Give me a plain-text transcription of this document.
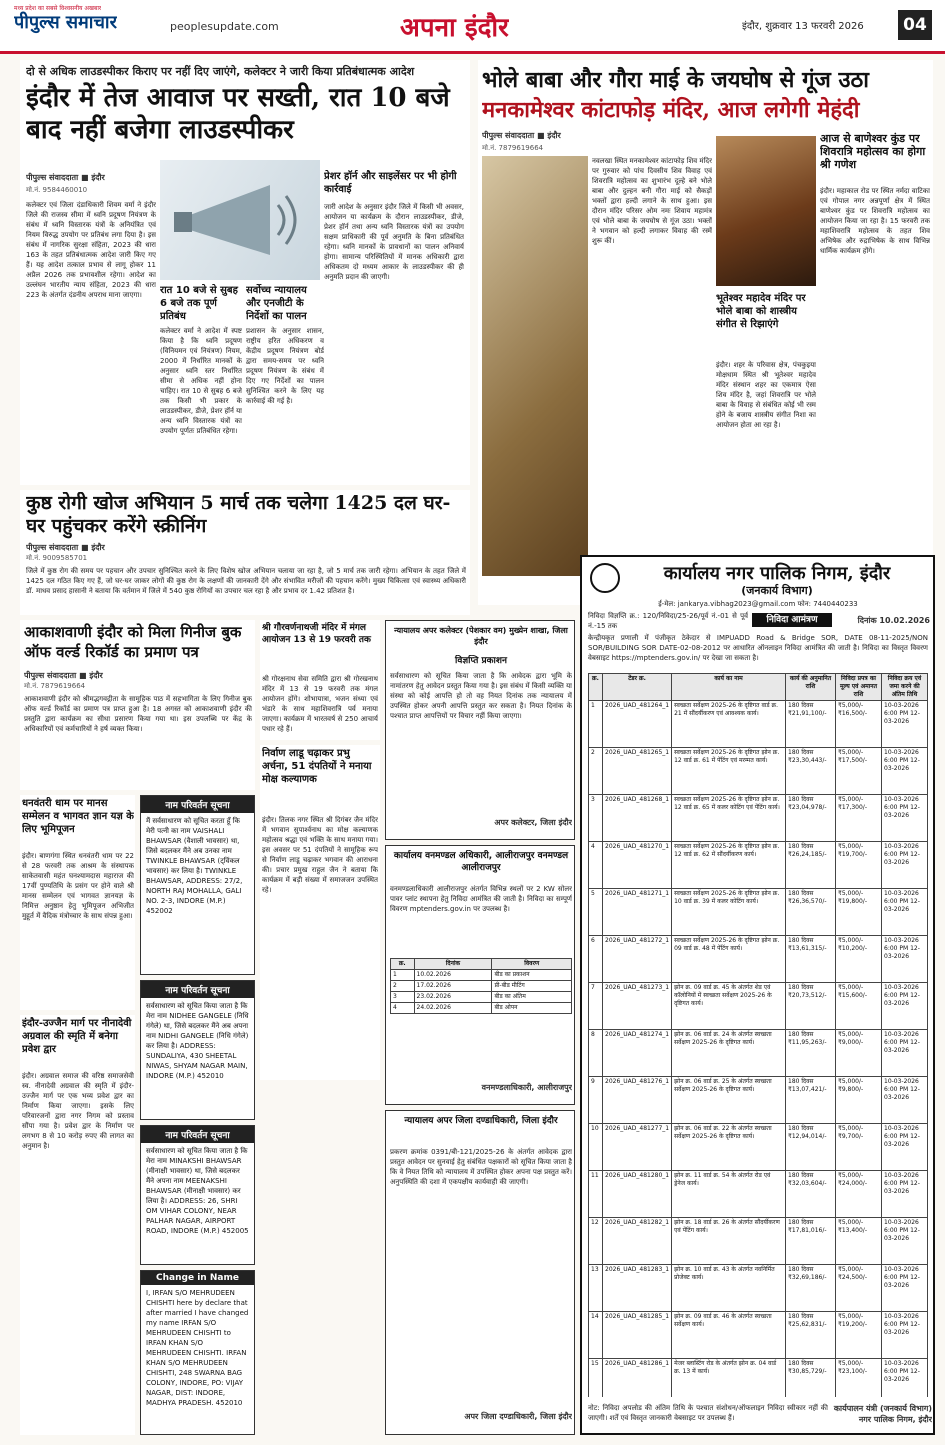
मध्य प्रदेश का सबसे विश्वसनीय अखबार
पीपुल्स समाचार	peoplesupdate.com	अपना इंदौर	इंदौर, शुक्रवार 13 फरवरी 2026	04
दो से अधिक लाउडस्पीकर किराए पर नहीं दिए जाएंगे, कलेक्टर ने जारी किया प्रतिबंधात्मक आदेश
इंदौर में तेज आवाज पर सख्ती, रात 10 बजे बाद नहीं बजेगा लाउडस्पीकर
पीपुल्स संवाददाता ■ इंदौर
मो.नं. 9584460010
कलेक्टर एवं जिला दंडाधिकारी शिवम वर्मा ने इंदौर जिले की राजस्व सीमा में ध्वनि प्रदूषण नियंत्रण के संबंध में ध्वनि विस्तारक यंत्रों के अनियंत्रित एवं नियम विरुद्ध उपयोग पर प्रतिबंध लगा दिया है। इस संबंध में नागरिक सुरक्षा संहिता, 2023 की धारा 163 के तहत प्रतिबंधात्मक आदेश जारी किए गए हैं। यह आदेश तत्काल प्रभाव से लागू होकर 11 अप्रैल 2026 तक प्रभावशील रहेगा। आदेश का उल्लंघन भारतीय न्याय संहिता, 2023 की धारा 223 के अंतर्गत दंडनीय अपराध माना जाएगा।
प्रेशर हॉर्न और साइलेंसर पर भी होगी कार्रवाई
जारी आदेश के अनुसार इंदौर जिले में किसी भी अवसर, आयोजन या कार्यक्रम के दौरान लाउडस्पीकर, डीजे, प्रेशर हॉर्न तथा अन्य ध्वनि विस्तारक यंत्रों का उपयोग सक्षम प्राधिकारी की पूर्व अनुमति के बिना प्रतिबंधित रहेगा। ध्वनि मानकों के प्रावधानों का पालन अनिवार्य होगा। सामान्य परिस्थितियों में मानक अधिकारी द्वारा अधिकतम दो मध्यम आकार के लाउडस्पीकर की ही अनुमति प्रदान की जाएगी।
रात 10 बजे से सुबह 6 बजे तक पूर्ण प्रतिबंध
कलेक्टर वर्मा ने आदेश में स्पष्ट किया है कि ध्वनि प्रदूषण (विनियमन एवं नियंत्रण) नियम, 2000 में निर्धारित मानकों के अनुसार ध्वनि स्तर निर्धारित सीमा से अधिक नहीं होना चाहिए। रात 10 से सुबह 6 बजे तक किसी भी प्रकार के लाउडस्पीकर, डीजे, प्रेशर हॉर्न या अन्य ध्वनि विस्तारक यंत्रों का उपयोग पूर्णतः प्रतिबंधित रहेगा।
सर्वोच्च न्यायालय और एनजीटी के निर्देशों का पालन
प्रशासन के अनुसार शासन, राष्ट्रीय हरित अधिकरण व केंद्रीय प्रदूषण नियंत्रण बोर्ड द्वारा समय-समय पर ध्वनि प्रदूषण नियंत्रण के संबंध में दिए गए निर्देशों का पालन सुनिश्चित करने के लिए यह कार्रवाई की गई है।
भोले बाबा और गौरा माई के जयघोष से गूंज उठा
मनकामेश्वर कांटाफोड़ मंदिर, आज लगेगी मेहंदी
पीपुल्स संवाददाता ■ इंदौर
मो.नं. 7879619664
नवलखा स्थित मनकामेश्वर कांटाफोड़ शिव मंदिर पर गुरुवार को पांच दिवसीय शिव विवाह एवं शिवरात्रि महोत्सव का शुभारंभ दूल्हे बने भोले बाबा और दुल्हन बनी गौरा माई को सैकड़ों भक्तों द्वारा हल्दी लगाने के साथ हुआ। इस दौरान मंदिर परिसर ओम नमः शिवाय महामंत्र एवं भोले बाबा के जयघोष से गूंज उठा। भक्तों ने भगवान को हल्दी लगाकर विवाह की रस्में शुरू कीं।
आज से बाणेश्वर कुंड पर शिवरात्रि महोत्सव का होगा श्री गणेश
इंदौर। महाकाल रोड पर स्थित नर्मदा वाटिका एवं गोपाल नगर अन्नपूर्णा क्षेत्र में स्थित बाणेश्वर कुंड पर शिवरात्रि महोत्सव का आयोजन किया जा रहा है। 15 फरवरी तक महाशिवरात्रि महोत्सव के तहत शिव अभिषेक और रुद्राभिषेक के साथ विभिन्न धार्मिक कार्यक्रम होंगे।
भूतेश्वर महादेव मंदिर पर भोले बाबा को शास्त्रीय संगीत से रिझाएंगे
इंदौर। शहर के परिवास क्षेत्र, पंचकुइया मोक्षधाम स्थित श्री भूतेश्वर महादेव मंदिर संस्थान शहर का एकमात्र ऐसा शिव मंदिर है, जहां शिवरात्रि पर भोले बाबा के विवाह से संबंधित कोई भी रस्म होने के बजाय शास्त्रीय संगीत निशा का आयोजन होता आ रहा है।
कुष्ठ रोगी खोज अभियान 5 मार्च तक चलेगा 1425 दल घर-घर पहुंचकर करेंगे स्क्रीनिंग
पीपुल्स संवाददाता ■ इंदौर
मो.नं. 9009585701
जिले में कुष्ठ रोग की समय पर पहचान और उपचार सुनिश्चित करने के लिए विशेष खोज अभियान चलाया जा रहा है, जो 5 मार्च तक जारी रहेगा। अभियान के तहत जिले में 1425 दल गठित किए गए हैं, जो घर-घर जाकर लोगों की कुष्ठ रोग के लक्षणों की जानकारी देंगे और संभावित मरीजों की पहचान करेंगे। मुख्य चिकित्सा एवं स्वास्थ्य अधिकारी डॉ. माधव प्रसाद हासानी ने बताया कि वर्तमान में जिले में 540 कुष्ठ रोगियों का उपचार चल रहा है और प्रभाव दर 1.42 प्रतिशत है।
आकाशवाणी इंदौर को मिला गिनीज बुक ऑफ वर्ल्ड रिकॉर्ड का प्रमाण पत्र
पीपुल्स संवाददाता ■ इंदौर
मो.नं. 7879619664
आकाशवाणी इंदौर को श्रीमद्भगवद्गीता के सामूहिक पाठ में सहभागिता के लिए गिनीज बुक ऑफ वर्ल्ड रिकॉर्ड का प्रमाण पत्र प्राप्त हुआ है। 18 अगस्त को आकाशवाणी इंदौर की प्रस्तुति द्वारा कार्यक्रम का सीधा प्रसारण किया गया था। इस उपलब्धि पर केंद्र के अधिकारियों एवं कर्मचारियों ने हर्ष व्यक्त किया।
धनवंतरी धाम पर मानस सम्मेलन व भागवत ज्ञान यज्ञ के लिए भूमिपूजन
इंदौर। बाणगंगा स्थित धनवंतरी धाम पर 22 से 28 फरवरी तक आश्रम के संस्थापक साकेतवासी महंत घनश्यामदास महाराज की 17वीं पुण्यतिथि के प्रसंग पर होने वाले श्री मानस सम्मेलन एवं भागवत ज्ञानयज्ञ के निमित्त अनुष्ठान हेतु भूमिपूजन अभिजीत मुहूर्त में वैदिक मंत्रोच्चार के साथ संपन्न हुआ।
इंदौर-उज्जैन मार्ग पर नीनादेवी अग्रवाल की स्मृति में बनेगा प्रवेश द्वार
इंदौर। अग्रवाल समाज की वरिष्ठ समाजसेवी स्व. नीनादेवी अग्रवाल की स्मृति में इंदौर-उज्जैन मार्ग पर एक भव्य प्रवेश द्वार का निर्माण किया जाएगा। इसके लिए परिवारजनों द्वारा नगर निगम को प्रस्ताव सौंपा गया है। प्रवेश द्वार के निर्माण पर लगभग 8 से 10 करोड़ रुपए की लागत का अनुमान है।
नाम परिवर्तन सूचना
मैं सर्वसाधारण को सूचित करता हूँ कि मेरी पत्नी का नाम VAISHALI BHAWSAR (वैशाली भावसार) था, जिसे बदलकर मैंने अब उनका नाम TWINKLE BHAWSAR (ट्विंकल भावसार) कर लिया है। TWINKLE BHAWSAR, ADDRESS: 27/2, NORTH RAJ MOHALLA, GALI NO. 2-3, INDORE (M.P.) 452002
नाम परिवर्तन सूचना
सर्वसाधारण को सूचित किया जाता है कि मेरा नाम NIDHEE GANGELE (निधि गंगेले) था, जिसे बदलकर मैंने अब अपना नाम NIDHI GANGELE (निधि गंगेले) कर लिया है। ADDRESS: SUNDALIYA, 430 SHEETAL NIWAS, SHYAM NAGAR MAIN, INDORE (M.P.) 452010
नाम परिवर्तन सूचना
सर्वसाधारण को सूचित किया जाता है कि मेरा नाम MINAKSHI BHAWSAR (मीनाक्षी भावसार) था, जिसे बदलकर मैंने अपना नाम MEENAKSHI BHAWSAR (मीनाक्षी भावसार) कर लिया है। ADDRESS: 26, SHRI OM VIHAR COLONY, NEAR PALHAR NAGAR, AIRPORT ROAD, INDORE (M.P.) 452005
Change in Name
I, IRFAN S/O MEHRUDEEN CHISHTI here by declare that after married I have changed my name IRFAN S/O MEHRUDEEN CHISHTI to IRFAN KHAN S/O MEHRUDEEN CHISHTI. IRFAN KHAN S/O MEHRUDEEN CHISHTI, 248 SWARNA BAG COLONY, INDORE, PO: VIJAY NAGAR, DIST: INDORE, MADHYA PRADESH. 452010
श्री गौरवर्णनाथजी मंदिर में मंगल आयोजन 13 से 19 फरवरी तक
श्री गोरक्षनाथ सेवा समिति द्वारा श्री गोरखनाथ मंदिर में 13 से 19 फरवरी तक मंगल आयोजन होंगे। शोभायात्रा, भजन संध्या एवं भंडारे के साथ महाशिवरात्रि पर्व मनाया जाएगा। कार्यक्रम में भारतवर्ष से 250 आचार्य पधार रहे हैं।
निर्वाण लाडू चढ़ाकर प्रभु अर्चना, 51 दंपतियों ने मनाया मोक्ष कल्याणक
इंदौर। तिलक नगर स्थित श्री दिगंबर जैन मंदिर में भगवान सुपार्श्वनाथ का मोक्ष कल्याणक महोत्सव श्रद्धा एवं भक्ति के साथ मनाया गया। इस अवसर पर 51 दंपतियों ने सामूहिक रूप से निर्वाण लाडू चढ़ाकर भगवान की आराधना की। प्रचार प्रमुख राहुल जैन ने बताया कि कार्यक्रम में बड़ी संख्या में समाजजन उपस्थित रहे।
न्यायालय अपर कलेक्टर (पेशकार वम) मुख्येन शाखा, जिला इंदौर
विज्ञप्ति प्रकाशन
सर्वसाधारण को सूचित किया जाता है कि आवेदक द्वारा भूमि के नामांतरण हेतु आवेदन प्रस्तुत किया गया है। इस संबंध में किसी व्यक्ति या संस्था को कोई आपत्ति हो तो वह नियत दिनांक तक न्यायालय में उपस्थित होकर अपनी आपत्ति प्रस्तुत कर सकता है। नियत दिनांक के पश्चात प्राप्त आपत्तियों पर विचार नहीं किया जाएगा।
अपर कलेक्टर, जिला इंदौर
कार्यालय वनमण्डल अधिकारी, आलीराजपुर वनमण्डल आलीराजपुर
वनमण्डलाधिकारी आलीराजपुर अंतर्गत विभिन्न स्थलों पर 2 KW सोलर पावर प्लांट स्थापना हेतु निविदा आमंत्रित की जाती है। निविदा का सम्पूर्ण विवरण mptenders.gov.in पर उपलब्ध है।
क्र.	दिनांक	विवरण
1	10.02.2026	बीड का प्रकाशन
2	17.02.2026	प्री-बीड मीटिंग
3	23.02.2026	बीड का अंतिम
4	24.02.2026	बीड ओपन
वनमण्डलाधिकारी, आलीराजपुर
न्यायालय अपर जिला दण्डाधिकारी, जिला इंदौर
प्रकरण क्रमांक 0391/बी-121/2025-26 के अंतर्गत आवेदक द्वारा प्रस्तुत आवेदन पर सुनवाई हेतु संबंधित पक्षकारों को सूचित किया जाता है कि वे नियत तिथि को न्यायालय में उपस्थित होकर अपना पक्ष प्रस्तुत करें। अनुपस्थिति की दशा में एकपक्षीय कार्यवाही की जाएगी।
अपर जिला दण्डाधिकारी, जिला इंदौर
कार्यालय नगर पालिक निगम, इंदौर
(जनकार्य विभाग)
ई-मेल: jankarya.vibhag2023@gmail.com फोन: 7440440233
निविदा विज्ञप्ति क्र.: 120/निविदा/25-26/पूर्व नं.-01 से पूर्व नं.-15 तक
निविदा आमंत्रण	दिनांक 10.02.2026
केन्द्रीयकृत प्रणाली में पंजीकृत ठेकेदार से IMPUADD Road & Bridge SOR, DATE 08-11-2025/NON SOR/BUILDING SOR DATE-02-08-2012 पर आधारित ऑनलाइन निविदा आमंत्रित की जाती है। निविदा का विस्तृत विवरण वेबसाइट https://mptenders.gov.in/ पर देखा जा सकता है।
क्र.	टेंडर क्र.	कार्य का नाम	कार्य की अनुमानित राशि	निविदा प्रपत्र का मूल्य एवं अमानत राशि	निविदा क्रय एवं जमा करने की अंतिम तिथि
1	2026_UAD_481264_1	स्वच्छता सर्वेक्षण 2025-26 के दृष्टिगत वार्ड क्र. 21 में सौंदर्यीकरण एवं आवश्यक कार्य।	180 दिवस ₹21,91,100/-	₹5,000/- ₹16,500/-	10-03-2026 6:00 PM 12-03-2026
2	2026_UAD_481265_1	स्वच्छता सर्वेक्षण 2025-26 के दृष्टिगत झोन क्र. 12 वार्ड क्र. 61 में पेंटिंग एवं मरम्मत कार्य।	180 दिवस ₹23,30,443/-	₹5,000/- ₹17,500/-	10-03-2026 6:00 PM 12-03-2026
3	2026_UAD_481268_1	स्वच्छता सर्वेक्षण 2025-26 के दृष्टिगत झोन क्र. 12 वार्ड क्र. 65 में कलर कोटिंग एवं पेंटिंग कार्य।	180 दिवस ₹23,04,978/-	₹5,000/- ₹17,300/-	10-03-2026 6:00 PM 12-03-2026
4	2026_UAD_481270_1	स्वच्छता सर्वेक्षण 2025-26 के दृष्टिगत झोन क्र. 12 वार्ड क्र. 62 में सौंदर्यीकरण कार्य।	180 दिवस ₹26,24,185/-	₹5,000/- ₹19,700/-	10-03-2026 6:00 PM 12-03-2026
5	2026_UAD_481271_1	स्वच्छता सर्वेक्षण 2025-26 के दृष्टिगत झोन क्र. 10 वार्ड क्र. 39 में कलर कोटिंग कार्य।	180 दिवस ₹26,36,570/-	₹5,000/- ₹19,800/-	10-03-2026 6:00 PM 12-03-2026
6	2026_UAD_481272_1	स्वच्छता सर्वेक्षण 2025-26 के दृष्टिगत झोन क्र. 09 वार्ड क्र. 48 में पेंटिंग कार्य।	180 दिवस ₹13,61,315/-	₹5,000/- ₹10,200/-	10-03-2026 6:00 PM 12-03-2026
7	2026_UAD_481273_1	झोन क्र. 09 वार्ड क्र. 45 के अंतर्गत शेड एवं कॉलोनियों में स्वच्छता सर्वेक्षण 2025-26 के दृष्टिगत कार्य।	180 दिवस ₹20,73,512/-	₹5,000/- ₹15,600/-	10-03-2026 6:00 PM 12-03-2026
8	2026_UAD_481274_1	झोन क्र. 06 वार्ड क्र. 24 के अंतर्गत स्वच्छता सर्वेक्षण 2025-26 के दृष्टिगत कार्य।	180 दिवस ₹11,95,263/-	₹5,000/- ₹9,000/-	10-03-2026 6:00 PM 12-03-2026
9	2026_UAD_481276_1	झोन क्र. 06 वार्ड क्र. 25 के अंतर्गत स्वच्छता सर्वेक्षण 2025-26 के दृष्टिगत कार्य।	180 दिवस ₹13,07,421/-	₹5,000/- ₹9,800/-	10-03-2026 6:00 PM 12-03-2026
10	2026_UAD_481277_1	झोन क्र. 06 वार्ड क्र. 22 के अंतर्गत स्वच्छता सर्वेक्षण 2025-26 के दृष्टिगत कार्य।	180 दिवस ₹12,94,014/-	₹5,000/- ₹9,700/-	10-03-2026 6:00 PM 12-03-2026
11	2026_UAD_481280_1	झोन क्र. 11 वार्ड क्र. 54 के अंतर्गत रोड एवं ड्रेनेज कार्य।	180 दिवस ₹32,03,604/-	₹5,000/- ₹24,000/-	10-03-2026 6:00 PM 12-03-2026
12	2026_UAD_481282_1	झोन क्र. 18 वार्ड क्र. 26 के अंतर्गत सौंदर्यीकरण एवं पेंटिंग कार्य।	180 दिवस ₹17,81,016/-	₹5,000/- ₹13,400/-	10-03-2026 6:00 PM 12-03-2026
13	2026_UAD_481283_1	झोन क्र. 10 वार्ड क्र. 43 के अंतर्गत नवनिर्मित प्रोजेक्ट कार्य।	180 दिवस ₹32,69,186/-	₹5,000/- ₹24,500/-	10-03-2026 6:00 PM 12-03-2026
14	2026_UAD_481285_1	झोन क्र. 09 वार्ड क्र. 46 के अंतर्गत स्वच्छता सर्वेक्षण कार्य।	180 दिवस ₹25,62,831/-	₹5,000/- ₹19,200/-	10-03-2026 6:00 PM 12-03-2026
15	2026_UAD_481286_1	मेजर ब्लास्टिंग रोड के अंतर्गत झोन क्र. 04 वार्ड क्र. 13 में कार्य।	180 दिवस ₹30,85,729/-	₹5,000/- ₹23,100/-	10-03-2026 6:00 PM 12-03-2026
नोट: निविदा अपलोड की अंतिम तिथि के पश्चात संशोधन/ऑफलाइन निविदा स्वीकार नहीं की जाएगी। शर्तें एवं विस्तृत जानकारी वेबसाइट पर उपलब्ध हैं।
कार्यपालन यंत्री (जनकार्य विभाग) नगर पालिक निगम, इंदौर
